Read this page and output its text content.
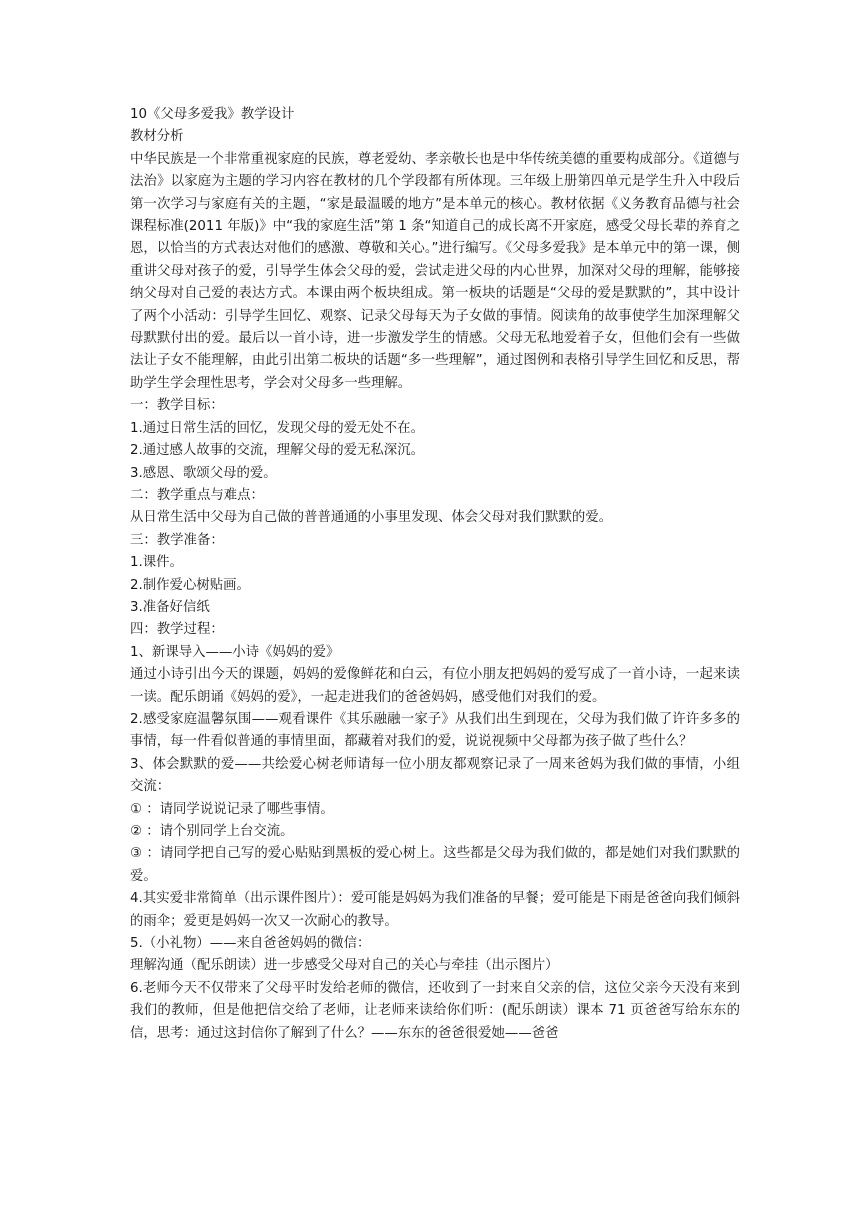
10《父母多爱我》教学设计

教材分析

中华民族是一个非常重视家庭的民族，尊老爱幼、孝亲敬长也是中华传统美德的重要构成部分。《道德与法治》以家庭为主题的学习内容在教材的几个学段都有所体现。三年级上册第四单元是学生升入中段后第一次学习与家庭有关的主题，“家是最温暖的地方”是本单元的核心。教材依据《义务教育品德与社会课程标准(2011 年版)》中“我的家庭生活”第 1 条“知道自己的成长离不开家庭，感受父母长辈的养育之恩，以恰当的方式表达对他们的感激、尊敬和关心。”进行编写。《父母多爱我》是本单元中的第一课，侧重讲父母对孩子的爱，引导学生体会父母的爱，尝试走进父母的内心世界，加深对父母的理解，能够接纳父母对自己爱的表达方式。本课由两个板块组成。第一板块的话题是“父母的爱是默默的”，其中设计了两个小活动：引导学生回忆、观察、记录父母每天为子女做的事情。阅读角的故事使学生加深理解父母默默付出的爱。最后以一首小诗，进一步激发学生的情感。父母无私地爱着子女，但他们会有一些做法让子女不能理解，由此引出第二板块的话题“多一些理解”，通过图例和表格引导学生回忆和反思，帮助学生学会理性思考，学会对父母多一些理解。

一：教学目标：

1.通过日常生活的回忆，发现父母的爱无处不在。

2.通过感人故事的交流，理解父母的爱无私深沉。

3.感恩、歌颂父母的爱。

二：教学重点与难点：

从日常生活中父母为自己做的普普通通的小事里发现、体会父母对我们默默的爱。

三：教学准备：

1.课件。

2.制作爱心树贴画。

3.准备好信纸

四：教学过程：

1、新课导入——小诗《妈妈的爱》

通过小诗引出今天的课题，妈妈的爱像鲜花和白云，有位小朋友把妈妈的爱写成了一首小诗，一起来读一读。配乐朗诵《妈妈的爱》，一起走进我们的爸爸妈妈，感受他们对我们的爱。

2.感受家庭温馨氛围——观看课件《其乐融融一家子》从我们出生到现在，父母为我们做了许许多多的事情，每一件看似普通的事情里面，都藏着对我们的爱，说说视频中父母都为孩子做了些什么？

3、体会默默的爱——共绘爱心树老师请每一位小朋友都观察记录了一周来爸妈为我们做的事情，小组交流：

① ：请同学说说记录了哪些事情。

② ：请个别同学上台交流。

③ ：请同学把自己写的爱心贴贴到黑板的爱心树上。这些都是父母为我们做的，都是她们对我们默默的爱。

4.其实爱非常简单（出示课件图片）：爱可能是妈妈为我们准备的早餐；爱可能是下雨是爸爸向我们倾斜的雨伞；爱更是妈妈一次又一次耐心的教导。

5.（小礼物）——来自爸爸妈妈的微信：

理解沟通（配乐朗读）进一步感受父母对自己的关心与牵挂（出示图片）

6.老师今天不仅带来了父母平时发给老师的微信，还收到了一封来自父亲的信，这位父亲今天没有来到我们的教师，但是他把信交给了老师，让老师来读给你们听：(配乐朗读）课本 71 页爸爸写给东东的信，思考：通过这封信你了解到了什么？——东东的爸爸很爱她——爸爸
